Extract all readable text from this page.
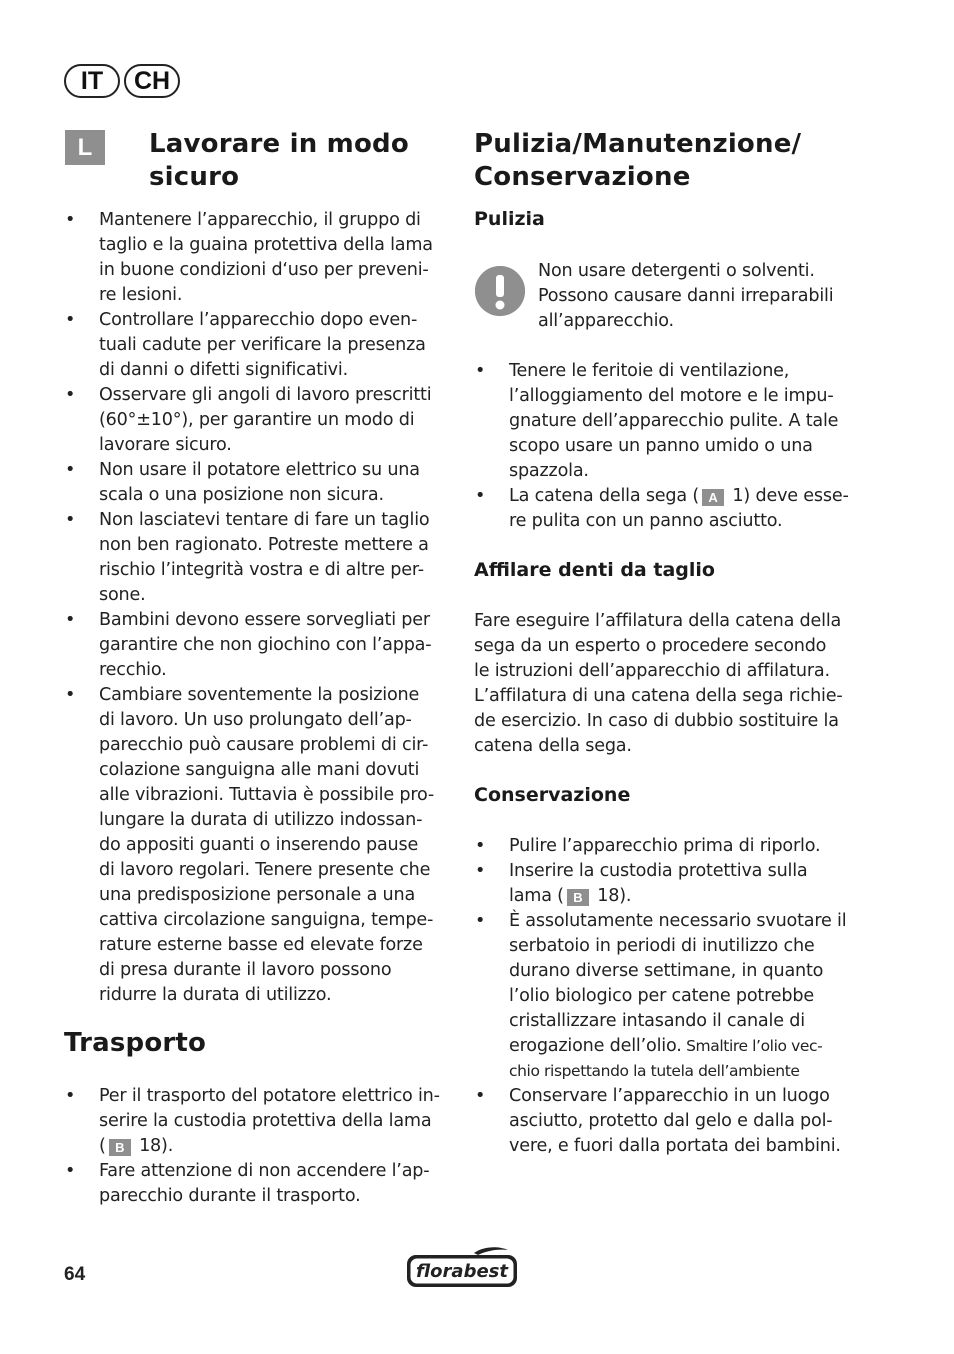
IT	CH
L	Lavorare in modo
sicuro
• Mantenere l’apparecchio, il gruppo di
taglio e la guaina protettiva della lama
in buone condizioni d‘uso per preveni-
re lesioni.
• Controllare l’apparecchio dopo even-
tuali cadute per verificare la presenza
di danni o difetti significativi.
• Osservare gli angoli di lavoro prescritti
(60°±10°), per garantire un modo di
lavorare sicuro.
• Non usare il potatore elettrico su una
scala o una posizione non sicura.
• Non lasciatevi tentare di fare un taglio
non ben ragionato. Potreste mettere a
rischio l’integrità vostra e di altre per-
sone.
• Bambini devono essere sorvegliati per
garantire che non giochino con l’appa-
recchio.
• Cambiare soventemente la posizione
di lavoro. Un uso prolungato dell’ap-
parecchio può causare problemi di cir-
colazione sanguigna alle mani dovuti
alle vibrazioni. Tuttavia è possibile pro-
lungare la durata di utilizzo indossan-
do appositi guanti o inserendo pause
di lavoro regolari. Tenere presente che
una predisposizione personale a una
cattiva circolazione sanguigna, tempe-
rature esterne basse ed elevate forze
di presa durante il lavoro possono
ridurre la durata di utilizzo.
Trasporto
• Per il trasporto del potatore elettrico in-
serire la custodia protettiva della lama
( B 18).
• Fare attenzione di non accendere l’ap-
parecchio durante il trasporto.
Pulizia/Manutenzione/
Conservazione
Pulizia

Non usare detergenti o solventi.
Possono causare danni irreparabili
all’apparecchio.

• Tenere le feritoie di ventilazione,
l’alloggiamento del motore e le impu-
gnature dell’apparecchio pulite. A tale
scopo usare un panno umido o una
spazzola.
• La catena della sega ( A 1) deve esse-
re pulita con un panno asciutto.
Affilare denti da taglio

Fare eseguire l’affilatura della catena della
sega da un esperto o procedere secondo
le istruzioni dell’apparecchio di affilatura.
L’affilatura di una catena della sega richie-
de esercizio. In caso di dubbio sostituire la
catena della sega.

Conservazione
• Pulire l’apparecchio prima di riporlo.
• Inserire la custodia protettiva sulla
lama ( B 18).
• È assolutamente necessario svuotare il
serbatoio in periodi di inutilizzo che
durano diverse settimane, in quanto
l’olio biologico per catene potrebbe
cristallizzare intasando il canale di
erogazione dell’olio. Smaltire l’olio vec-
chio rispettando la tutela dell’ambiente
• Conservare l’apparecchio in un luogo
asciutto, protetto dal gelo e dalla pol-
vere, e fuori dalla portata dei bambini.
64	florabest
